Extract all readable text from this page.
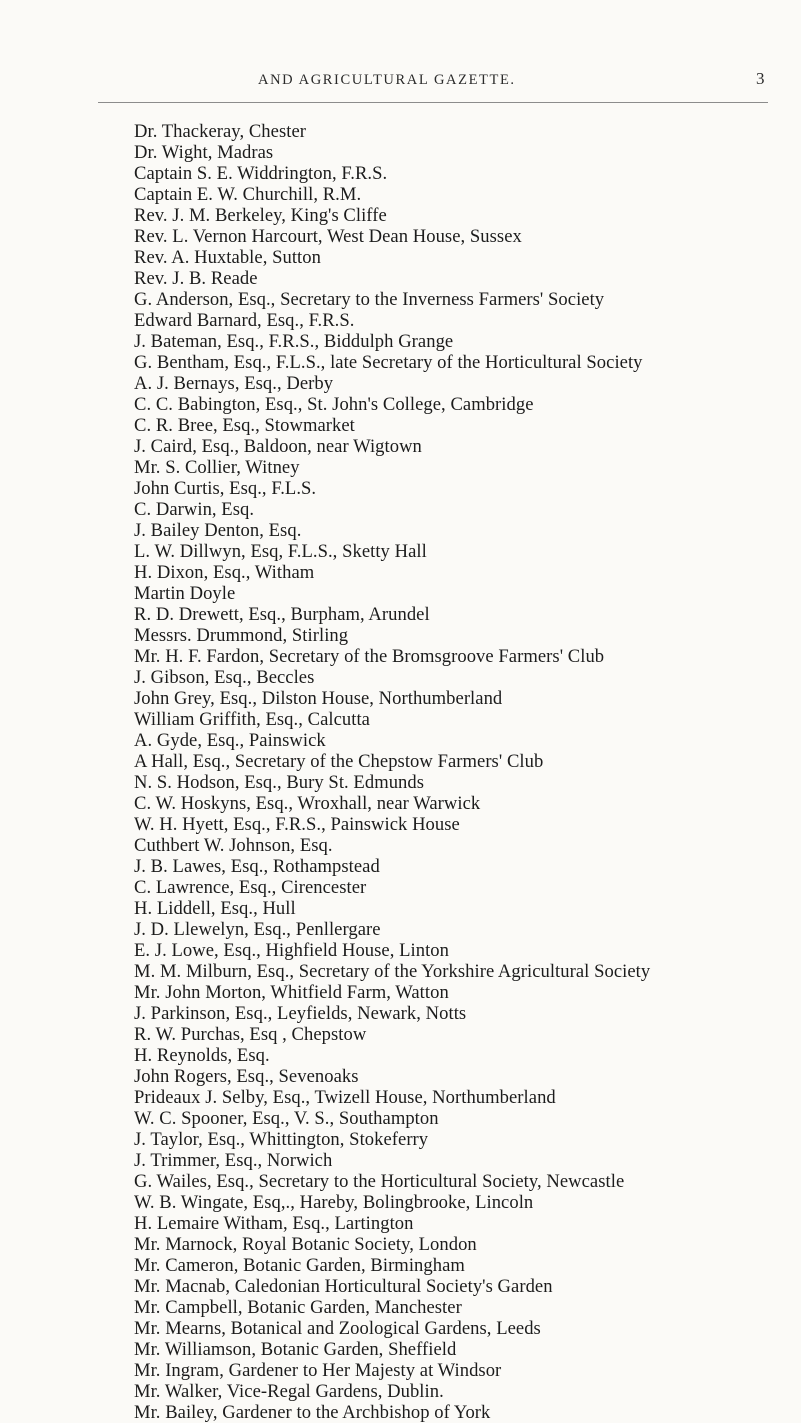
AND AGRICULTURAL GAZETTE.	3
Dr. Thackeray, Chester
Dr. Wight, Madras
Captain S. E. Widdrington, F.R.S.
Captain E. W. Churchill, R.M.
Rev. J. M. Berkeley, King's Cliffe
Rev. L. Vernon Harcourt, West Dean House, Sussex
Rev. A. Huxtable, Sutton
Rev. J. B. Reade
G. Anderson, Esq., Secretary to the Inverness Farmers' Society
Edward Barnard, Esq., F.R.S.
J. Bateman, Esq., F.R.S., Biddulph Grange
G. Bentham, Esq., F.L.S., late Secretary of the Horticultural Society
A. J. Bernays, Esq., Derby
C. C. Babington, Esq., St. John's College, Cambridge
C. R. Bree, Esq., Stowmarket
J. Caird, Esq., Baldoon, near Wigtown
Mr. S. Collier, Witney
John Curtis, Esq., F.L.S.
C. Darwin, Esq.
J. Bailey Denton, Esq.
L. W. Dillwyn, Esq, F.L.S., Sketty Hall
H. Dixon, Esq., Witham
Martin Doyle
R. D. Drewett, Esq., Burpham, Arundel
Messrs. Drummond, Stirling
Mr. H. F. Fardon, Secretary of the Bromsgroove Farmers' Club
J. Gibson, Esq., Beccles
John Grey, Esq., Dilston House, Northumberland
William Griffith, Esq., Calcutta
A. Gyde, Esq., Painswick
A Hall, Esq., Secretary of the Chepstow Farmers' Club
N. S. Hodson, Esq., Bury St. Edmunds
C. W. Hoskyns, Esq., Wroxhall, near Warwick
W. H. Hyett, Esq., F.R.S., Painswick House
Cuthbert W. Johnson, Esq.
J. B. Lawes, Esq., Rothampstead
C. Lawrence, Esq., Cirencester
H. Liddell, Esq., Hull
J. D. Llewelyn, Esq., Penllergare
E. J. Lowe, Esq., Highfield House, Linton
M. M. Milburn, Esq., Secretary of the Yorkshire Agricultural Society
Mr. John Morton, Whitfield Farm, Watton
J. Parkinson, Esq., Leyfields, Newark, Notts
R. W. Purchas, Esq , Chepstow
H. Reynolds, Esq.
John Rogers, Esq., Sevenoaks
Prideaux J. Selby, Esq., Twizell House, Northumberland
W. C. Spooner, Esq., V. S., Southampton
J. Taylor, Esq., Whittington, Stokeferry
J. Trimmer, Esq., Norwich
G. Wailes, Esq., Secretary to the Horticultural Society, Newcastle
W. B. Wingate, Esq,., Hareby, Bolingbrooke, Lincoln
H. Lemaire Witham, Esq., Lartington
Mr. Marnock, Royal Botanic Society, London
Mr. Cameron, Botanic Garden, Birmingham
Mr. Macnab, Caledonian Horticultural Society's Garden
Mr. Campbell, Botanic Garden, Manchester
Mr. Mearns, Botanical and Zoological Gardens, Leeds
Mr. Williamson, Botanic Garden, Sheffield
Mr. Ingram, Gardener to Her Majesty at Windsor
Mr. Walker, Vice-Regal Gardens, Dublin.
Mr. Bailey, Gardener to the Archbishop of York
